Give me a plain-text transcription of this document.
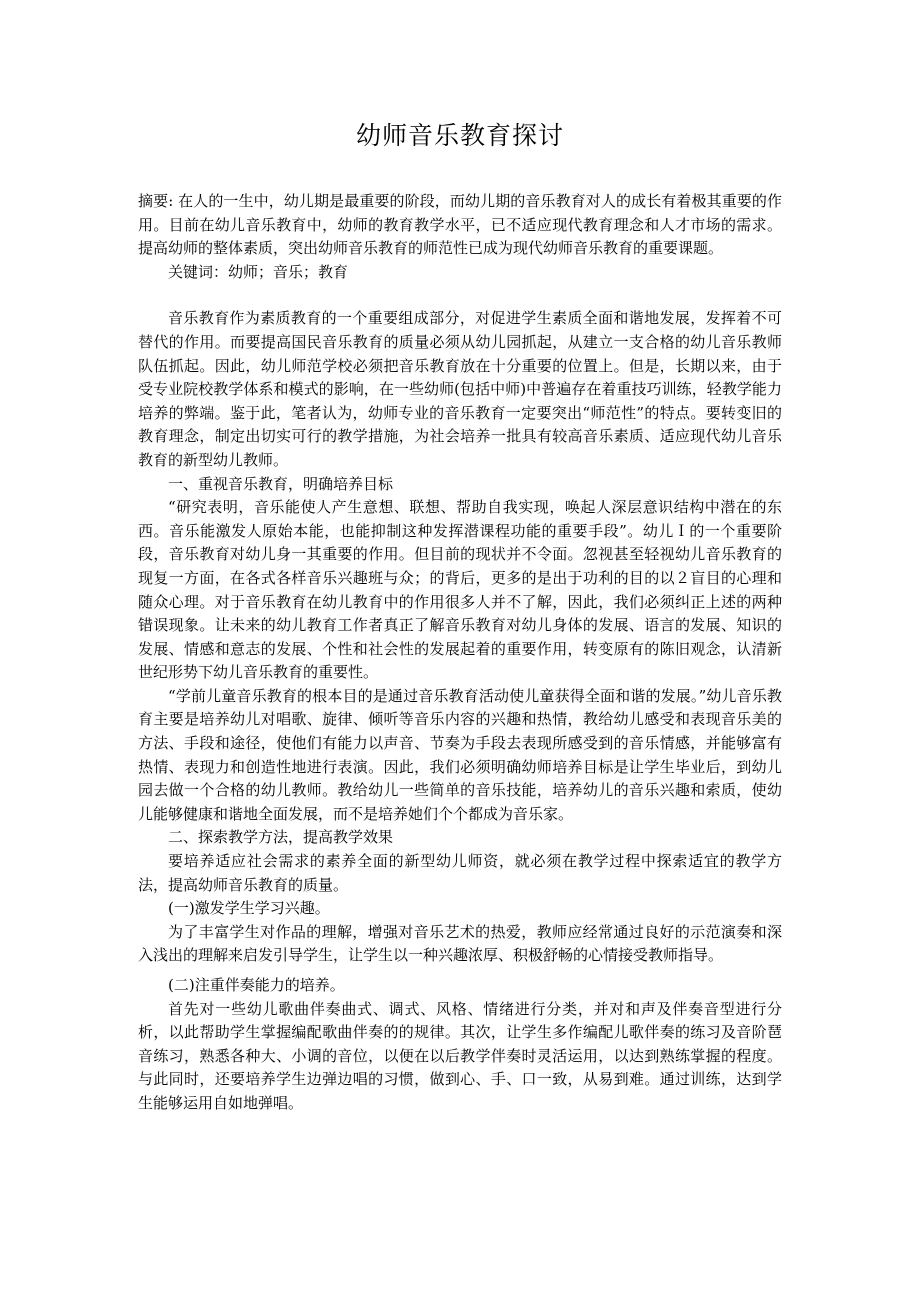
幼师音乐教育探讨

摘要: 在人的一生中，幼儿期是最重要的阶段，而幼儿期的音乐教育对人的成长有着极其重要的作用。目前在幼儿音乐教育中，幼师的教育教学水平，已不适应现代教育理念和人才市场的需求。提高幼师的整体素质，突出幼师音乐教育的师范性已成为现代幼师音乐教育的重要课题。

关键词：幼师；音乐；教育

音乐教育作为素质教育的一个重要组成部分，对促进学生素质全面和谐地发展，发挥着不可替代的作用。而要提高国民音乐教育的质量必须从幼儿园抓起，从建立一支合格的幼儿音乐教师队伍抓起。因此，幼儿师范学校必须把音乐教育放在十分重要的位置上。但是，长期以来，由于受专业院校教学体系和模式的影响，在一些幼师(包括中师)中普遍存在着重技巧训练，轻教学能力培养的弊端。鉴于此，笔者认为，幼师专业的音乐教育一定要突出“师范性”的特点。要转变旧的教育理念，制定出切实可行的教学措施，为社会培养一批具有较高音乐素质、适应现代幼儿音乐教育的新型幼儿教师。

一、重视音乐教育，明确培养目标

“研究表明，音乐能使人产生意想、联想、帮助自我实现，唤起人深层意识结构中潜在的东西。音乐能激发人原始本能，也能抑制这种发挥潜课程功能的重要手段”。幼儿Ｉ的一个重要阶段，音乐教育对幼儿身一其重要的作用。但目前的现状并不令面。忽视甚至轻视幼儿音乐教育的现复一方面，在各式各样音乐兴趣班与众；的背后，更多的是出于功利的目的以２盲目的心理和随众心理。对于音乐教育在幼儿教育中的作用很多人并不了解，因此，我们必须纠正上述的两种错误现象。让未来的幼儿教育工作者真正了解音乐教育对幼儿身体的发展、语言的发展、知识的发展、情感和意志的发展、个性和社会性的发展起着的重要作用，转变原有的陈旧观念，认清新世纪形势下幼儿音乐教育的重要性。

“学前儿童音乐教育的根本目的是通过音乐教育活动使儿童获得全面和谐的发展。”幼儿音乐教育主要是培养幼儿对唱歌、旋律、倾听等音乐内容的兴趣和热情，教给幼儿感受和表现音乐美的方法、手段和途径，使他们有能力以声音、节奏为手段去表现所感受到的音乐情感，并能够富有热情、表现力和创造性地进行表演。因此，我们必须明确幼师培养目标是让学生毕业后，到幼儿园去做一个合格的幼儿教师。教给幼儿一些简单的音乐技能，培养幼儿的音乐兴趣和索质，使幼儿能够健康和谐地全面发展，而不是培养她们个个都成为音乐家。

二、探索教学方法，提高教学效果

要培养适应社会需求的素养全面的新型幼儿师资，就必须在教学过程中探索适宜的教学方法，提高幼师音乐教育的质量。

(一)激发学生学习兴趣。

为了丰富学生对作品的理解，增强对音乐艺术的热爱，教师应经常通过良好的示范演奏和深入浅出的理解来启发引导学生，让学生以一种兴趣浓厚、积极舒畅的心情接受教师指导。

(二)注重伴奏能力的培养。

首先对一些幼儿歌曲伴奏曲式、调式、风格、情绪进行分类，并对和声及伴奏音型进行分析，以此帮助学生掌握编配歌曲伴奏的的规律。其次，让学生多作编配儿歌伴奏的练习及音阶琶音练习，熟悉各种大、小调的音位，以便在以后教学伴奏时灵活运用，以达到熟练掌握的程度。与此同时，还要培养学生边弹边唱的习惯，做到心、手、口一致，从易到难。通过训练，达到学生能够运用自如地弹唱。
